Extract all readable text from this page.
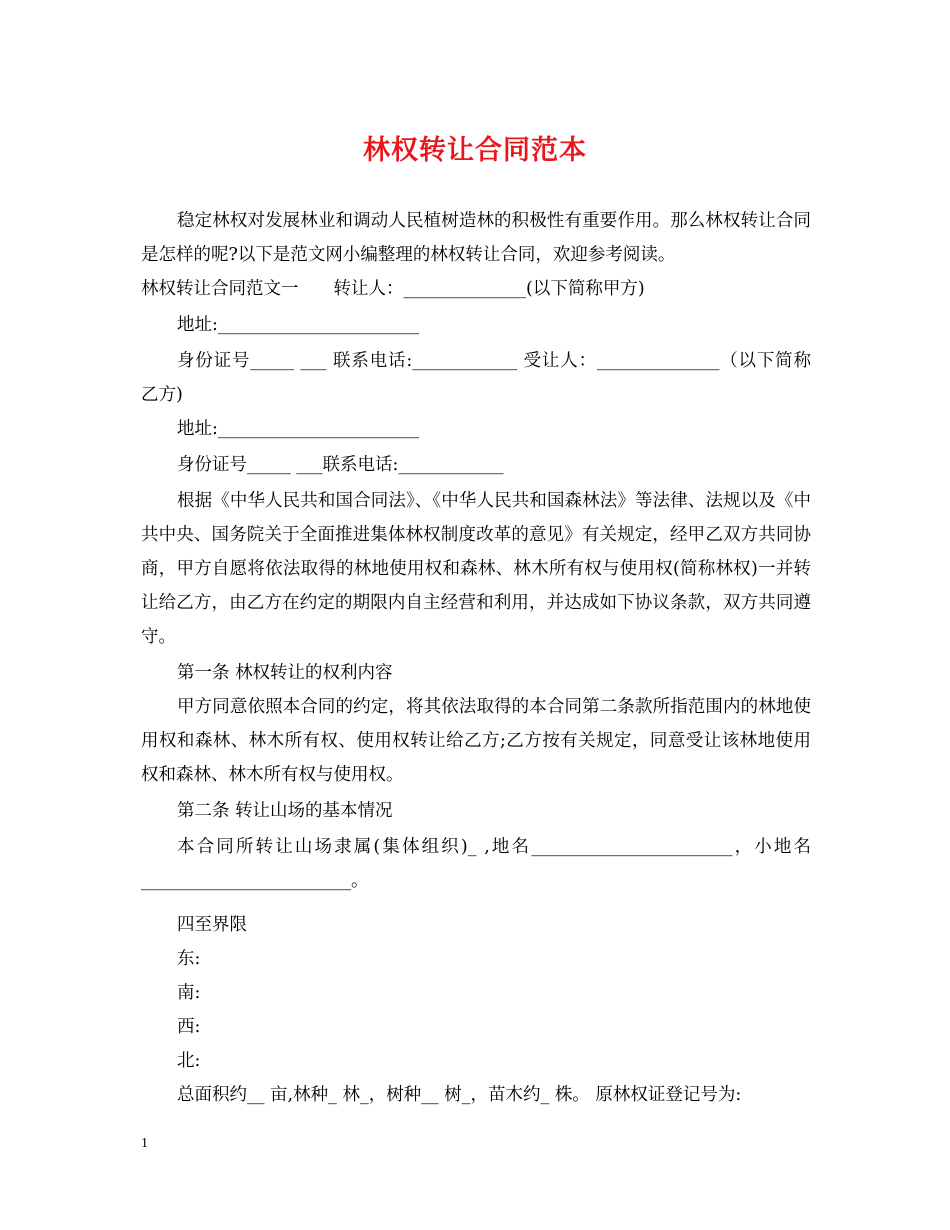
林权转让合同范本

稳定林权对发展林业和调动人民植树造林的积极性有重要作用。那么林权转让合同是怎样的呢?以下是范文网小编整理的林权转让合同，欢迎参考阅读。

林权转让合同范文一　　转让人：______________(以下简称甲方)

地址:_______________________

身份证号_____ ___ 联系电话:____________ 受让人：______________（以下简称乙方)

地址:_______________________

身份证号_____ ___联系电话:____________

根据《中华人民共和国合同法》、《中华人民共和国森林法》等法律、法规以及《中共中央、国务院关于全面推进集体林权制度改革的意见》有关规定，经甲乙双方共同协商，甲方自愿将依法取得的林地使用权和森林、林木所有权与使用权(简称林权)一并转让给乙方，由乙方在约定的期限内自主经营和利用，并达成如下协议条款，双方共同遵守。

第一条 林权转让的权利内容

甲方同意依照本合同的约定，将其依法取得的本合同第二条款所指范围内的林地使用权和森林、林木所有权、使用权转让给乙方;乙方按有关规定，同意受让该林地使用权和森林、林木所有权与使用权。

第二条 转让山场的基本情况

本合同所转让山场隶属(集体组织)_ ,地名_______________________，小地名________________________。

四至界限

东:

南:

西:

北:

总面积约__ 亩,林种_ 林_，树种__ 树_，苗木约_ 株。 原林权证登记号为:

1
